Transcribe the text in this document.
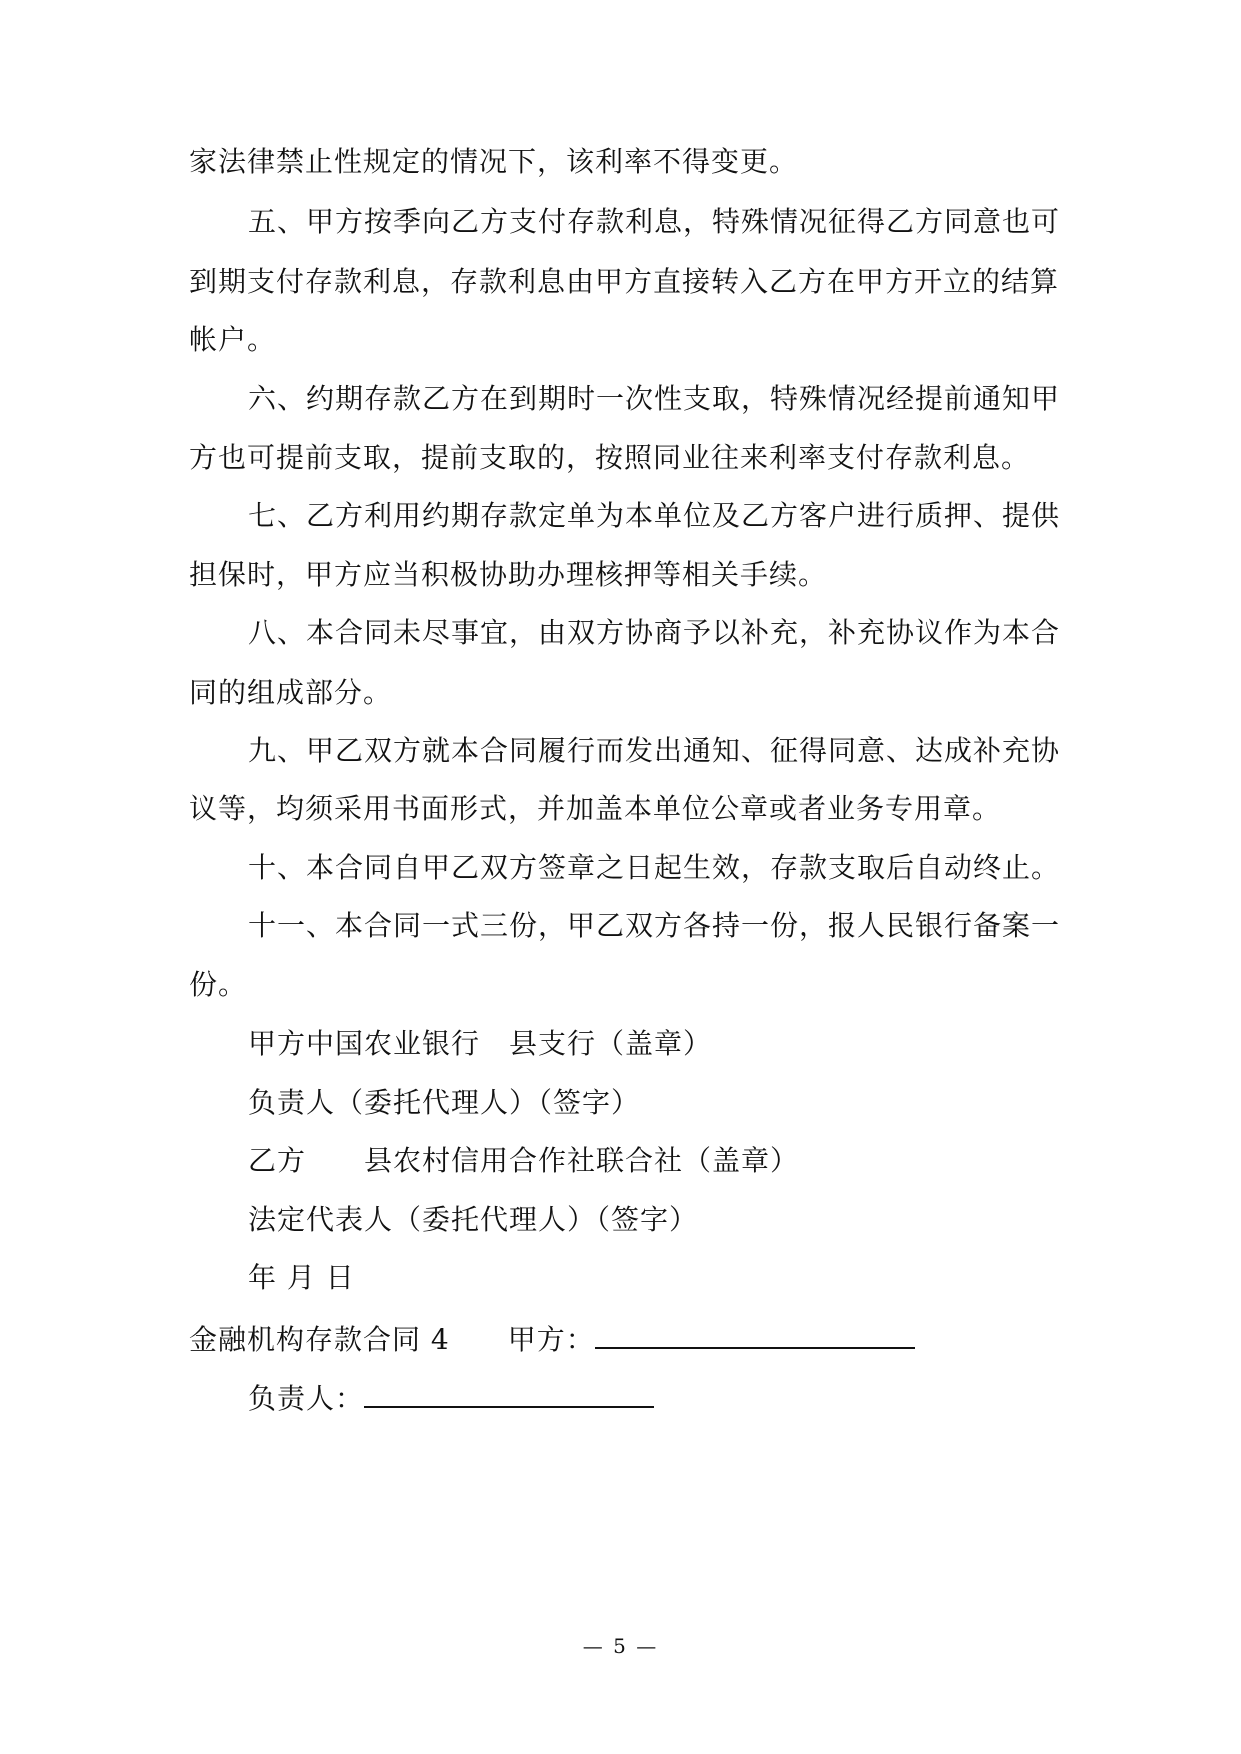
家法律禁止性规定的情况下，该利率不得变更。
五、甲方按季向乙方支付存款利息，特殊情况征得乙方同意也可
到期支付存款利息，存款利息由甲方直接转入乙方在甲方开立的结算
帐户。
六、约期存款乙方在到期时一次性支取，特殊情况经提前通知甲
方也可提前支取，提前支取的，按照同业往来利率支付存款利息。
七、乙方利用约期存款定单为本单位及乙方客户进行质押、提供
担保时，甲方应当积极协助办理核押等相关手续。
八、本合同未尽事宜，由双方协商予以补充，补充协议作为本合
同的组成部分。
九、甲乙双方就本合同履行而发出通知、征得同意、达成补充协
议等，均须采用书面形式，并加盖本单位公章或者业务专用章。
十、本合同自甲乙双方签章之日起生效，存款支取后自动终止。
十一、本合同一式三份，甲乙双方各持一份，报人民银行备案一
份。
甲方中国农业银行　县支行（盖章）
负责人（委托代理人）（签字）
乙方　　县农村信用合作社联合社（盖章）
法定代表人（委托代理人）（签字）
年 月 日
金融机构存款合同 4 甲方：
负责人：
— 5 —
